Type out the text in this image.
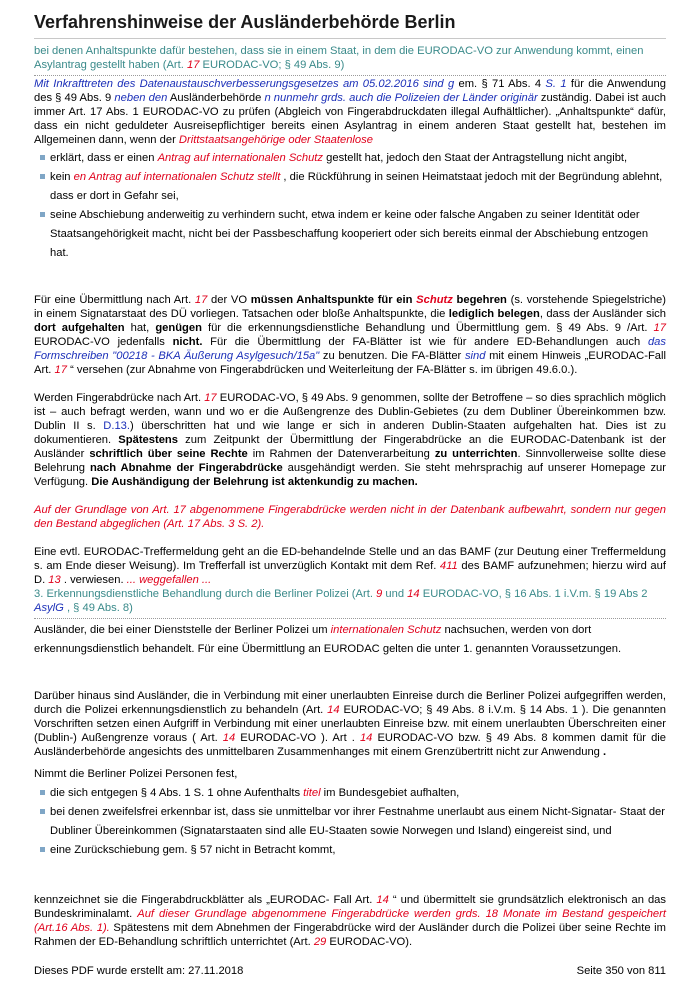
Verfahrenshinweise der Ausländerbehörde Berlin

bei denen Anhaltspunkte dafür bestehen, dass sie in einem Staat, in dem die EURODAC-VO zur Anwendung kommt, einen Asylantrag gestellt haben (Art. 17 EURODAC-VO; § 49 Abs. 9)

Mit Inkrafttreten des Datenaustauschverbesserungsgesetzes am 05.02.2016 sind g em. § 71 Abs. 4 S. 1 für die Anwendung des § 49 Abs. 9 neben den Ausländerbehörde n nunmehr grds. auch die Polizeien der Länder originär zuständig. Dabei ist auch immer Art. 17 Abs. 1 EURODAC-VO zu prüfen (Abgleich von Fingerabdruckdaten illegal Aufhältlicher). „Anhaltspunkte“ dafür, dass ein nicht geduldeter Ausreisepflichtiger bereits einen Asylantrag in einem anderen Staat gestellt hat, bestehen im Allgemeinen dann, wenn der Drittstaatsangehörige oder Staatenlose

erklärt, dass er einen Antrag auf internationalen Schutz gestellt hat, jedoch den Staat der Antragstellung nicht angibt,
kein en Antrag auf internationalen Schutz stellt , die Rückführung in seinen Heimatstaat jedoch mit der Begründung ablehnt, dass er dort in Gefahr sei,
seine Abschiebung anderweitig zu verhindern sucht, etwa indem er keine oder falsche Angaben zu seiner Identität oder Staatsangehörigkeit macht, nicht bei der Passbeschaffung kooperiert oder sich bereits einmal der Abschiebung entzogen hat.

Für eine Übermittlung nach Art. 17 der VO müssen Anhaltspunkte für ein Schutz begehren (s. vorstehende Spiegelstriche) in einem Signatarstaat des DÜ vorliegen. Tatsachen oder bloße Anhaltspunkte, die lediglich belegen, dass der Ausländer sich dort aufgehalten hat, genügen für die erkennungsdienstliche Behandlung und Übermittlung gem. § 49 Abs. 9 /Art. 17 EURODAC-VO jedenfalls nicht. Für die Übermittlung der FA-Blätter ist wie für andere ED-Behandlungen auch das Formschreiben "00218 - BKA Äußerung Asylgesuch/15a" zu benutzen. Die FA-Blätter sind mit einem Hinweis „EURODAC-Fall Art. 17 “ versehen (zur Abnahme von Fingerabdrücken und Weiterleitung der FA-Blätter s. im übrigen 49.6.0.).

Werden Fingerabdrücke nach Art. 17 EURODAC-VO, § 49 Abs. 9 genommen, sollte der Betroffene – so dies sprachlich möglich ist – auch befragt werden, wann und wo er die Außengrenze des Dublin-Gebietes (zu dem Dubliner Übereinkommen bzw. Dublin II s. D.13.) überschritten hat und wie lange er sich in anderen Dublin-Staaten aufgehalten hat. Dies ist zu dokumentieren. Spätestens zum Zeitpunkt der Übermittlung der Fingerabdrücke an die EURODAC-Datenbank ist der Ausländer schriftlich über seine Rechte im Rahmen der Datenverarbeitung zu unterrichten. Sinnvollerweise sollte diese Belehrung nach Abnahme der Fingerabdrücke ausgehändigt werden. Sie steht mehrsprachig auf unserer Homepage zur Verfügung. Die Aushändigung der Belehrung ist aktenkundig zu machen.

Auf der Grundlage von Art. 17 abgenommene Fingerabdrücke werden nicht in der Datenbank aufbewahrt, sondern nur gegen den Bestand abgeglichen (Art. 17 Abs. 3 S. 2).

Eine evtl. EURODAC-Treffermeldung geht an die ED-behandelnde Stelle und an das BAMF (zur Deutung einer Treffermeldung s. am Ende dieser Weisung). Im Trefferfall ist unverzüglich Kontakt mit dem Ref. 411 des BAMF aufzunehmen; hierzu wird auf D. 13 . verwiesen. ... weggefallen ...

3. Erkennungsdienstliche Behandlung durch die Berliner Polizei (Art. 9 und 14 EURODAC-VO, § 16 Abs. 1 i.V.m. § 19 Abs 2 AsylG , § 49 Abs. 8)

Ausländer, die bei einer Dienststelle der Berliner Polizei um internationalen Schutz nachsuchen, werden von dort erkennungsdienstlich behandelt. Für eine Übermittlung an EURODAC gelten die unter 1. genannten Voraussetzungen.

Darüber hinaus sind Ausländer, die in Verbindung mit einer unerlaubten Einreise durch die Berliner Polizei aufgegriffen werden, durch die Polizei erkennungsdienstlich zu behandeln (Art. 14 EURODAC-VO; § 49 Abs. 8 i.V.m. § 14 Abs. 1 ). Die genannten Vorschriften setzen einen Aufgriff in Verbindung mit einer unerlaubten Einreise bzw. mit einem unerlaubten Überschreiten einer (Dublin-) Außengrenze voraus ( Art. 14 EURODAC-VO ). Art . 14 EURODAC-VO bzw. § 49 Abs. 8 kommen damit für die Ausländerbehörde angesichts des unmittelbaren Zusammenhanges mit einem Grenzübertritt nicht zur Anwendung .

Nimmt die Berliner Polizei Personen fest,

die sich entgegen § 4 Abs. 1 S. 1 ohne Aufenthalts titel im Bundesgebiet aufhalten,
bei denen zweifelsfrei erkennbar ist, dass sie unmittelbar vor ihrer Festnahme unerlaubt aus einem Nicht-Signatar- Staat der Dubliner Übereinkommen (Signatarstaaten sind alle EU-Staaten sowie Norwegen und Island) eingereist sind, und
eine Zurückschiebung gem. § 57 nicht in Betracht kommt,

kennzeichnet sie die Fingerabdruckblätter als „EURODAC- Fall Art. 14 “ und übermittelt sie grundsätzlich elektronisch an das Bundeskriminalamt. Auf dieser Grundlage abgenommene Fingerabdrücke werden grds. 18 Monate im Bestand gespeichert (Art.16 Abs. 1). Spätestens mit dem Abnehmen der Fingerabdrücke wird der Ausländer durch die Polizei über seine Rechte im Rahmen der ED-Behandlung schriftlich unterrichtet (Art. 29 EURODAC-VO).

Dieses PDF wurde erstellt am: 27.11.2018	Seite 350 von 811
